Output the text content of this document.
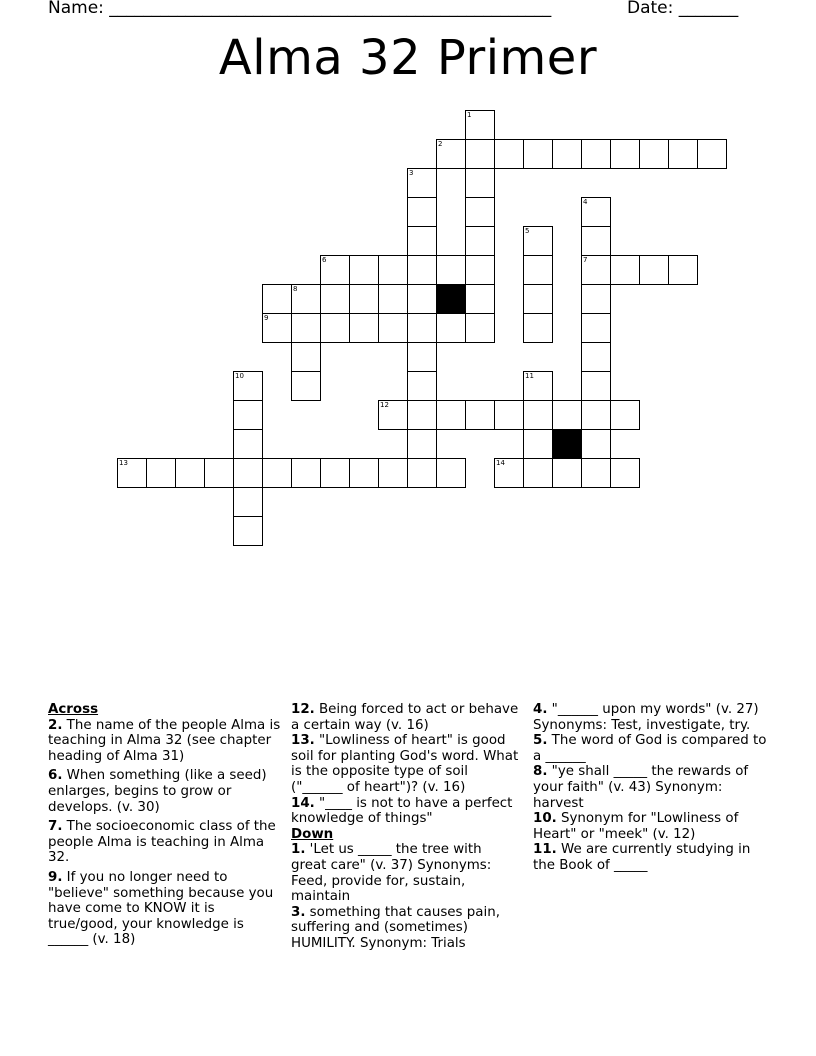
Name: ____________________________________________________	Date: _______
Alma 32 Primer
2
6	7
8
9
12
13	14
1
3
4
5
10	11
Across
2. The name of the people Alma is teaching in Alma 32 (see chapter heading of Alma 31)
6. When something (like a seed) enlarges, begins to grow or develops. (v. 30)
7. The socioeconomic class of the people Alma is teaching in Alma 32.
9. If you no longer need to "believe" something because you have come to KNOW it is true/good, your knowledge is ______ (v. 18)
12. Being forced to act or behave a certain way (v. 16)
13. "Lowliness of heart" is good soil for planting God's word. What is the opposite type of soil ("______ of heart")? (v. 16)
14. "____ is not to have a perfect knowledge of things"
Down
1. 'Let us _____ the tree with great care" (v. 37) Synonyms: Feed, provide for, sustain, maintain
3. something that causes pain, suffering and (sometimes) HUMILITY. Synonym: Trials
4. "______ upon my words" (v. 27) Synonyms: Test, investigate, try.
5. The word of God is compared to a ______
8. "ye shall _____ the rewards of your faith" (v. 43) Synonym: harvest
10. Synonym for "Lowliness of Heart" or "meek" (v. 12)
11. We are currently studying in the Book of _____
